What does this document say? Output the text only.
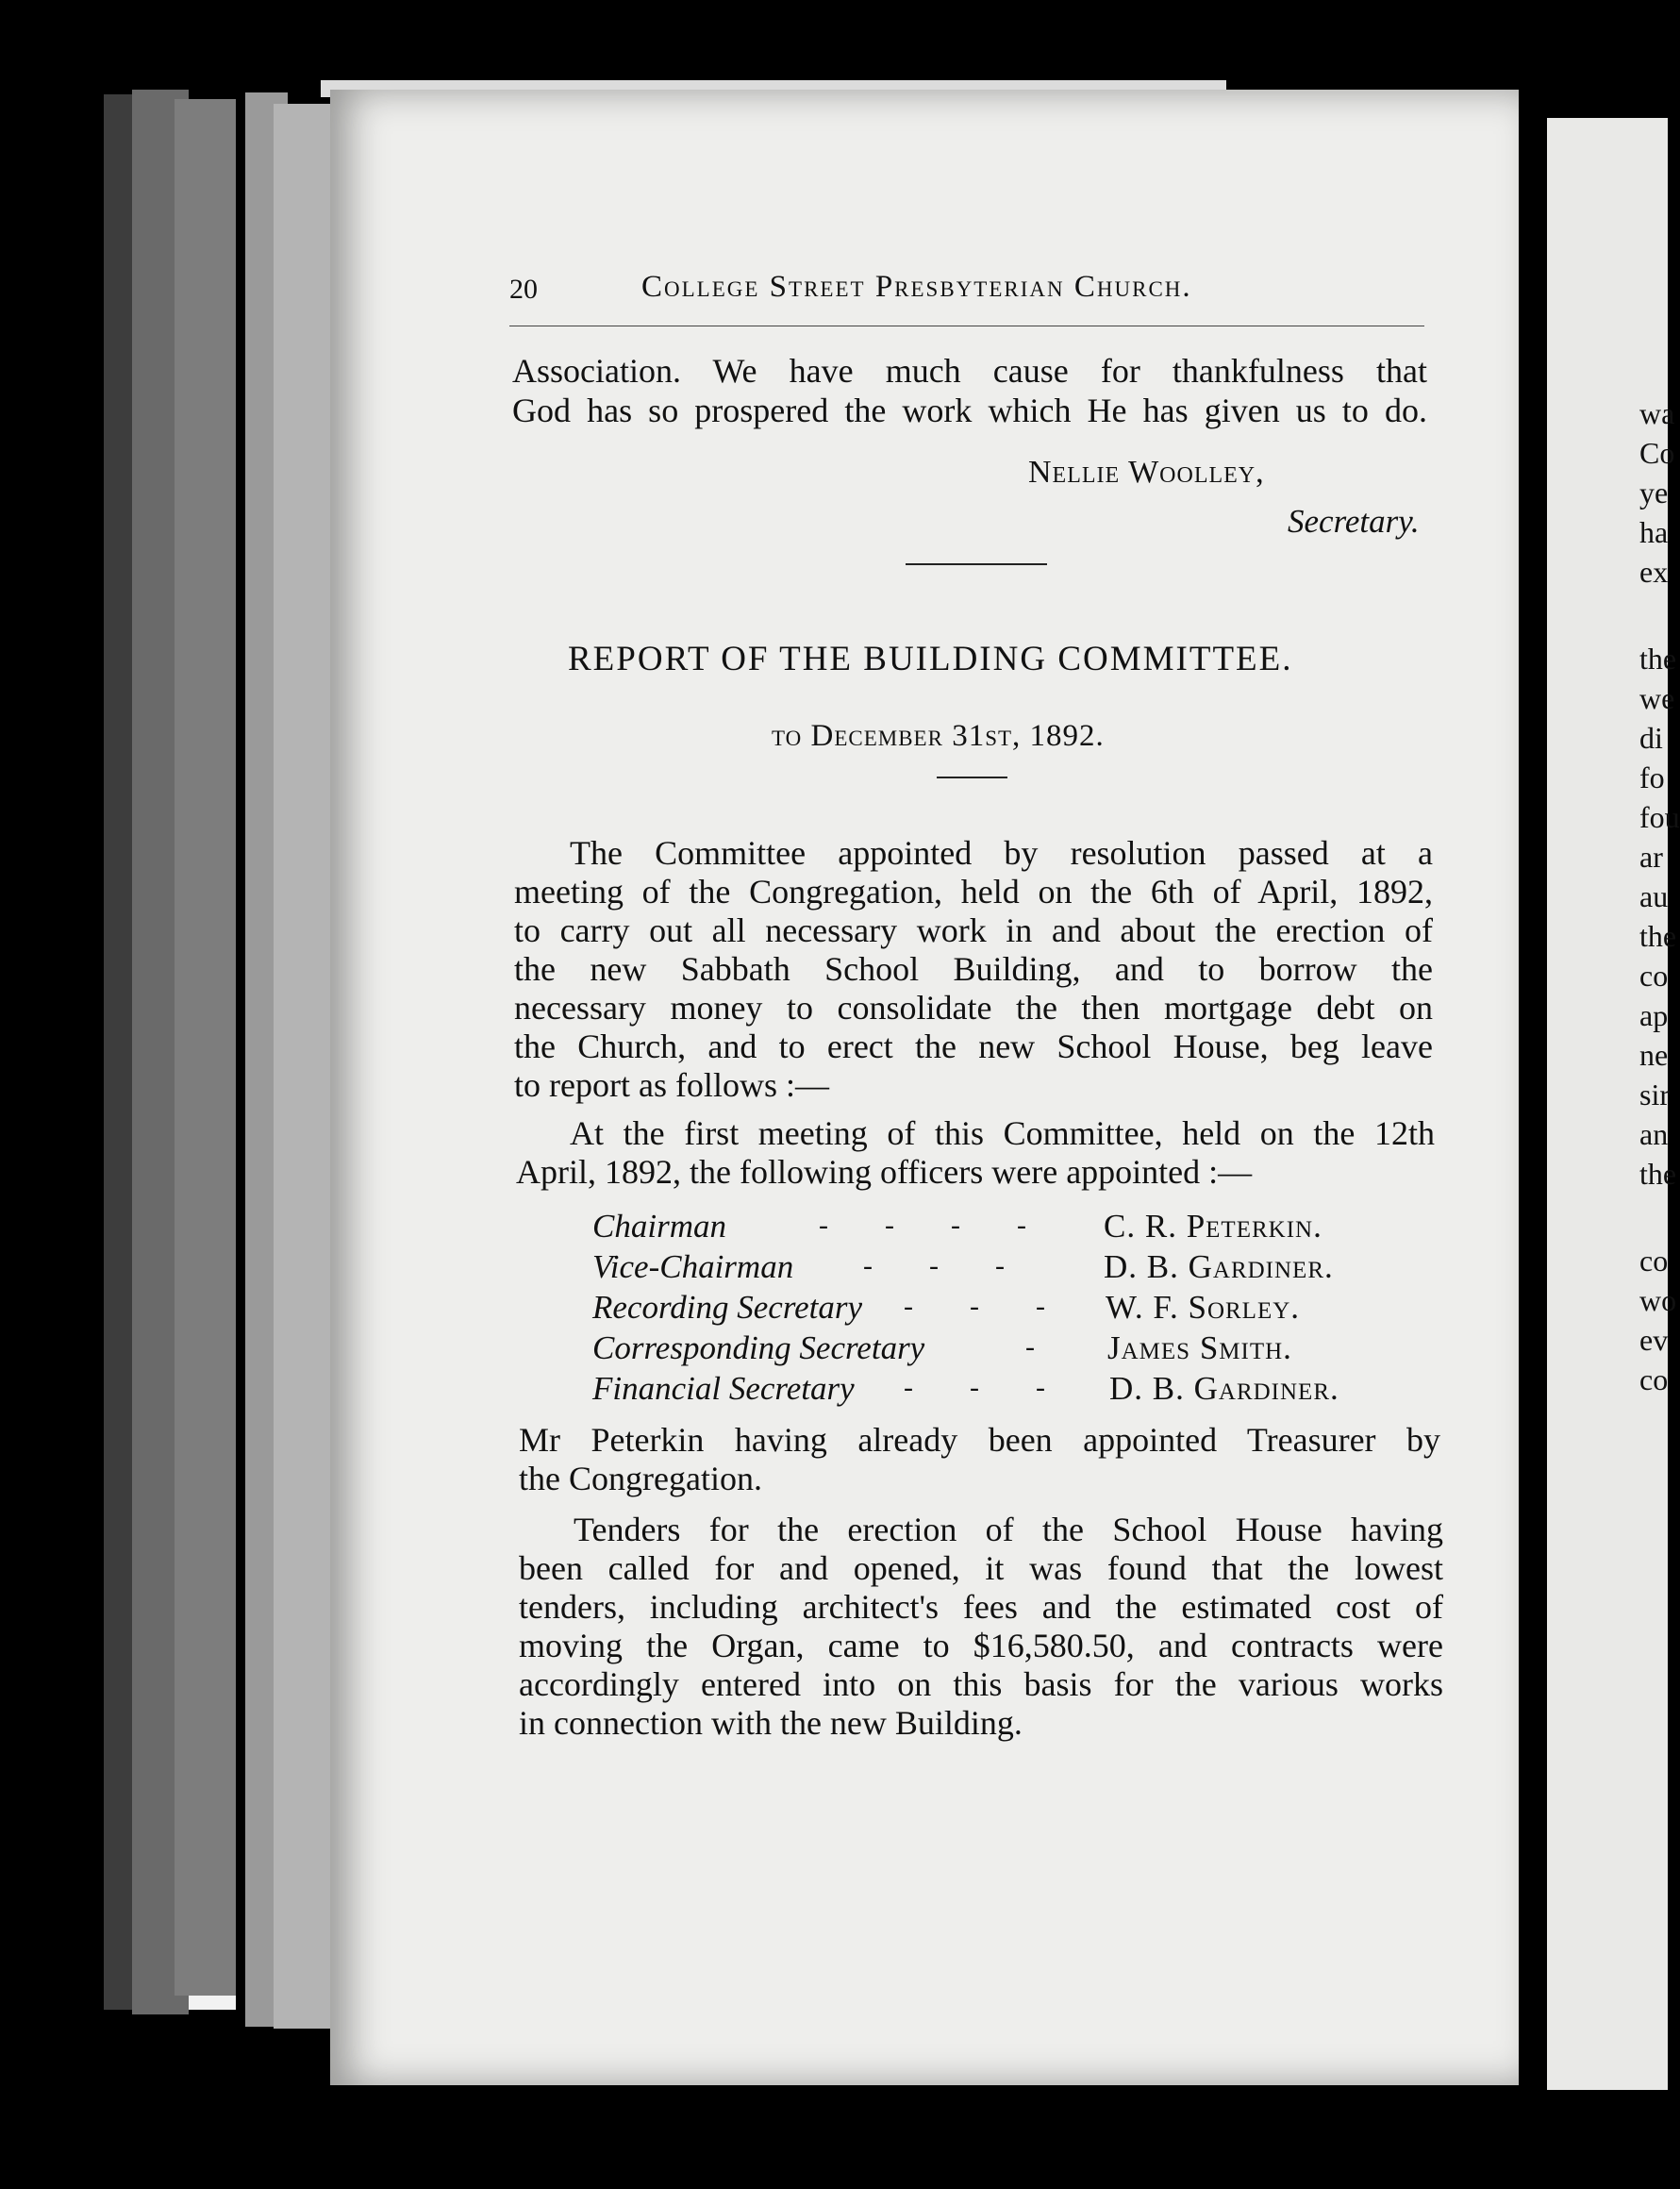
20	College Street Presbyterian Church.
Association. We have much cause for thankfulness that
God has so prospered the work which He has given us to do.
Nellie Woolley,
Secretary.
REPORT OF THE BUILDING COMMITTEE.
to December 31st, 1892.
The Committee appointed by resolution passed at a
meeting of the Congregation, held on the 6th of April, 1892,
to carry out all necessary work in and about the erection of
the new Sabbath School Building, and to borrow the
necessary money to consolidate the then mortgage debt on
the Church, and to erect the new School House, beg leave
to report as follows :—
At the first meeting of this Committee, held on the 12th
April, 1892, the following officers were appointed :—
Chairman	-        -        -        - C. R. Peterkin.
Vice-Chairman -        -        -	D. B. Gardiner.
Recording Secretary -        -        - W. F. Sorley.
Corresponding Secretary	- James Smith.
Financial Secretary -        -        - D. B. Gardiner.
Mr Peterkin having already been appointed Treasurer by
the Congregation.
Tenders for the erection of the School House having
been called for and opened, it was found that the lowest
tenders, including architect's fees and the estimated cost of
moving the Organ, came to $16,580.50, and contracts were
accordingly entered into on this basis for the various works
in connection with the new Building.
wa
Co
ye
ha
ex
the
we
di
fo
fou
ar
au
the
co
ap
ne
sir
an
the
co
wo
ev
co
